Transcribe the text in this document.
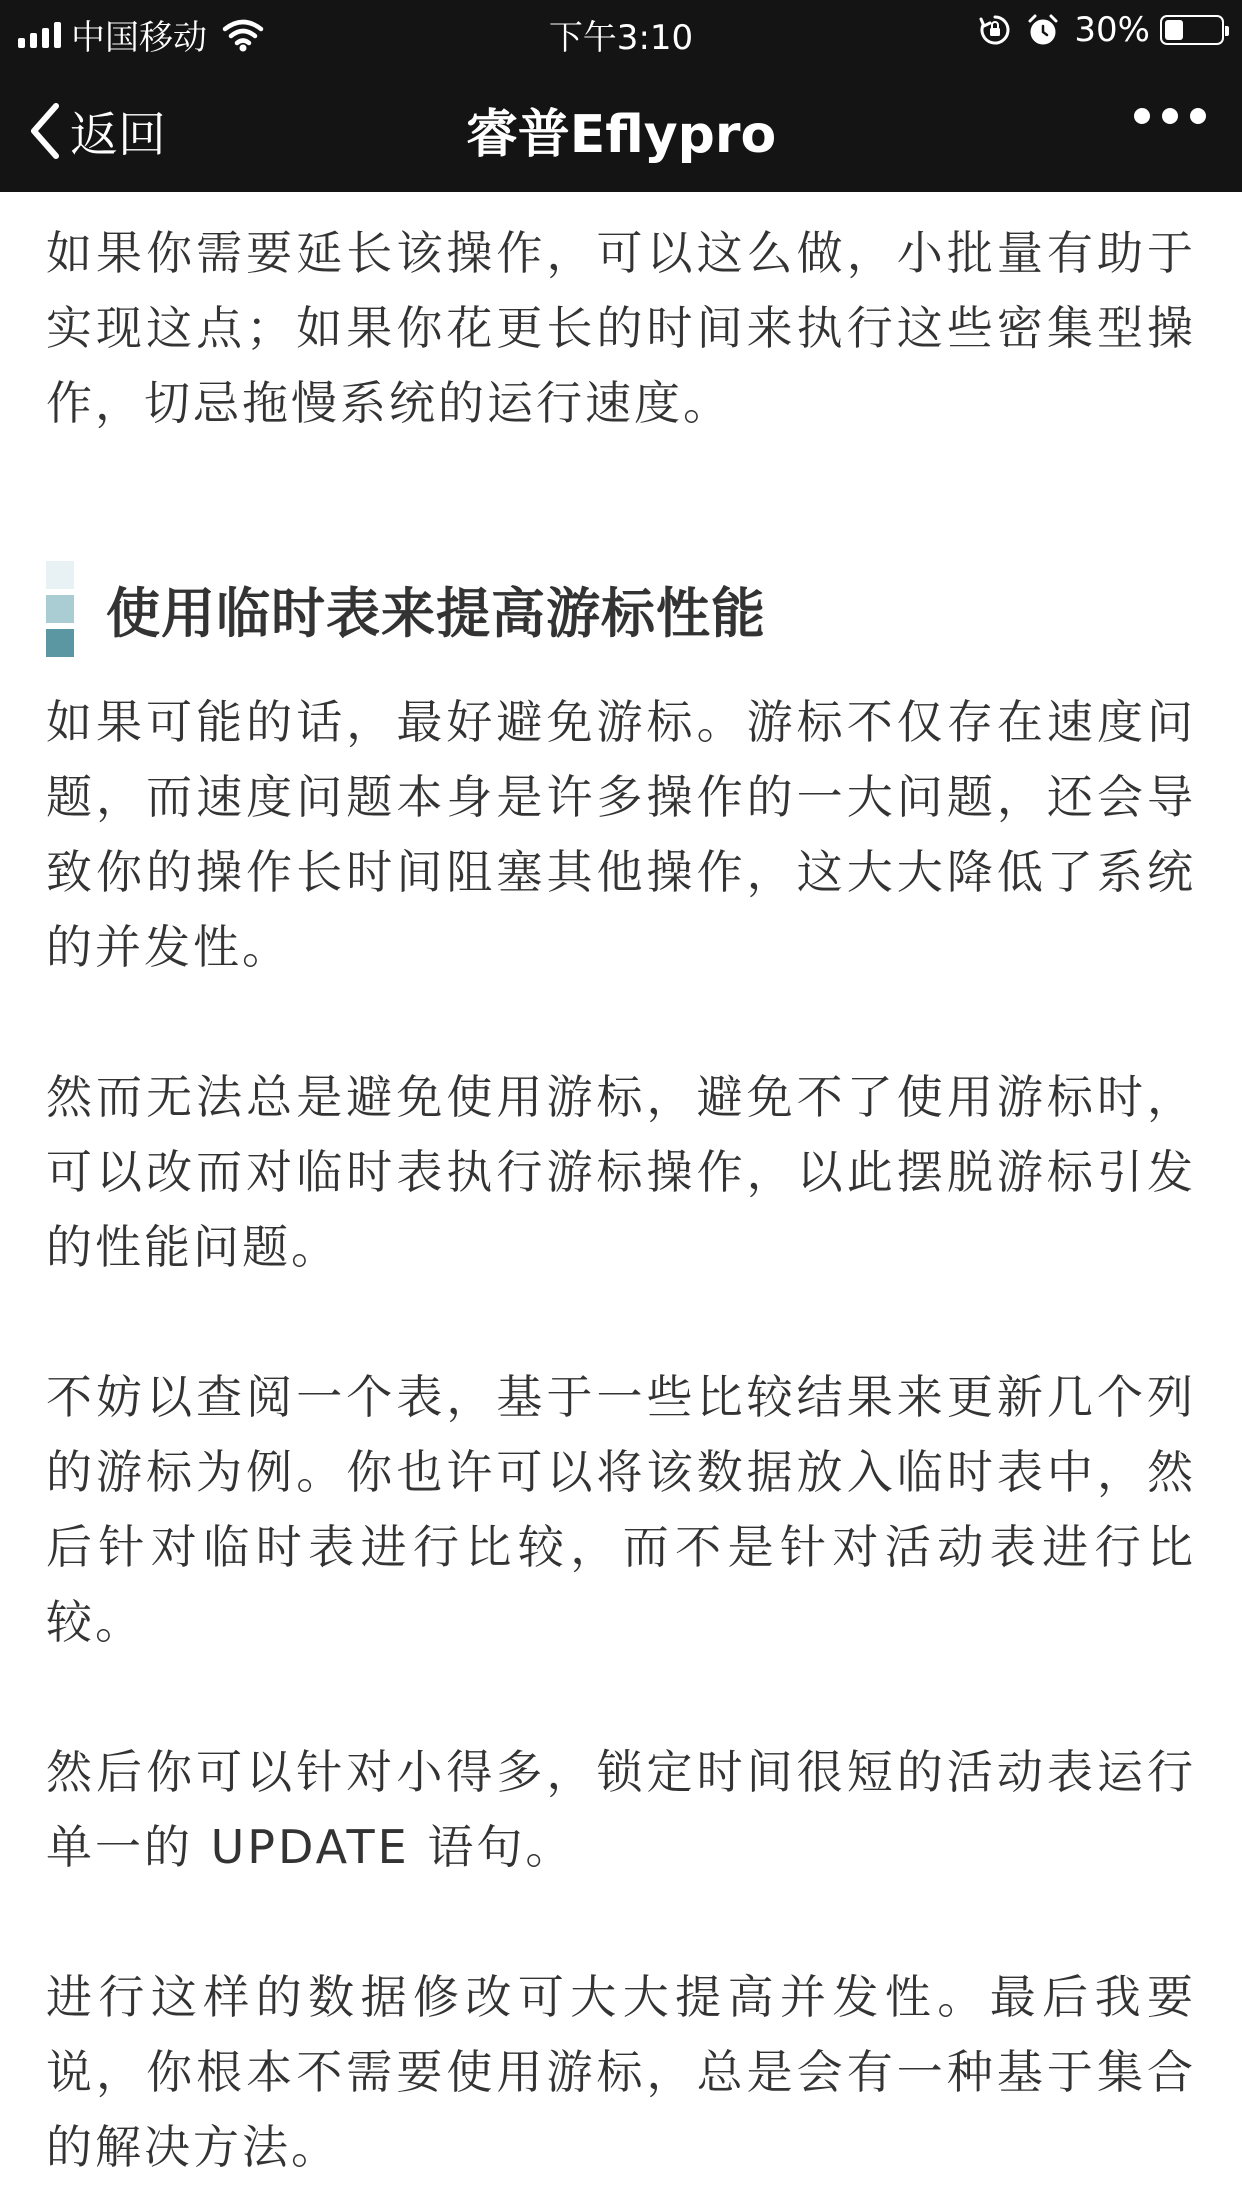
中国移动	下午3:10	30%
返回	睿普Eflypro

如果你需要延长该操作，可以这么做，小批量有助于实现这点；如果你花更长的时间来执行这些密集型操作，切忌拖慢系统的运行速度。

使用临时表来提高游标性能

如果可能的话，最好避免游标。游标不仅存在速度问题，而速度问题本身是许多操作的一大问题，还会导致你的操作长时间阻塞其他操作，这大大降低了系统的并发性。

然而无法总是避免使用游标，避免不了使用游标时，可以改而对临时表执行游标操作，以此摆脱游标引发的性能问题。

不妨以查阅一个表，基于一些比较结果来更新几个列的游标为例。你也许可以将该数据放入临时表中，然后针对临时表进行比较，而不是针对活动表进行比较。

然后你可以针对小得多，锁定时间很短的活动表运行单一的 UPDATE 语句。

进行这样的数据修改可大大提高并发性。最后我要说，你根本不需要使用游标，总是会有一种基于集合的解决方法。
